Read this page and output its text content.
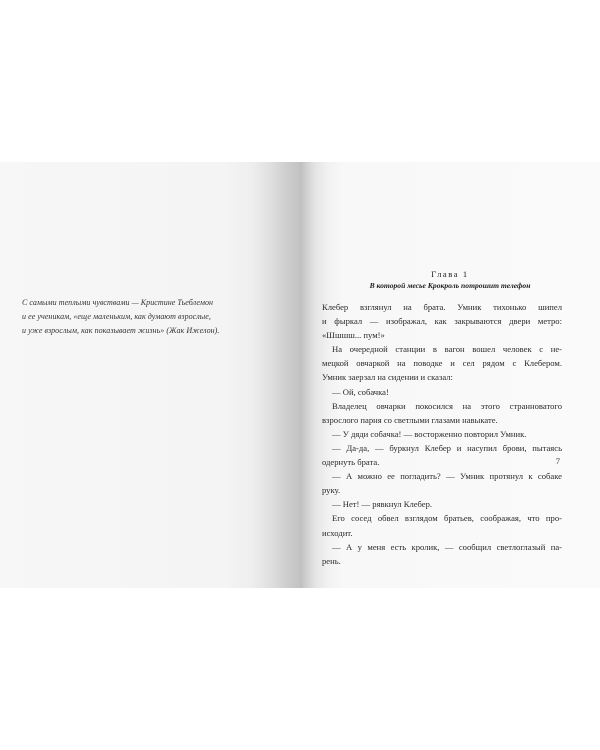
С самыми теплыми чувствами — Кристине Тьеблемон
и ее ученикам, «еще маленьким, как думают взрослые,
и уже взрослым, как показывает жизнь» (Жак Ижелон).
Глава 1
В которой месье Крокроль потрошит телефон
Клебер взглянул на брата. Умник тихонько шипел
и фыркал — изображал, как закрываются двери метро:
«Шшшш... пум!»
На очередной станции в вагон вошел человек с не-
мецкой овчаркой на поводке и сел рядом с Клебером.
Умник заерзал на сидении и сказал:
— Ой, собачка!
Владелец овчарки покосился на этого странноватого
взрослого парня со светлыми глазами навыкате.
— У дяди собачка! — восторженно повторил Умник.
— Да-да, — буркнул Клебер и насупил брови, пытаясь
одернуть брата.
— А можно ее погладить? — Умник протянул к собаке
руку.
— Нет! — рявкнул Клебер.
Его сосед обвел взглядом братьев, соображая, что про-
исходит.
— А у меня есть кролик, — сообщил светлоглазый па-
рень.
7
